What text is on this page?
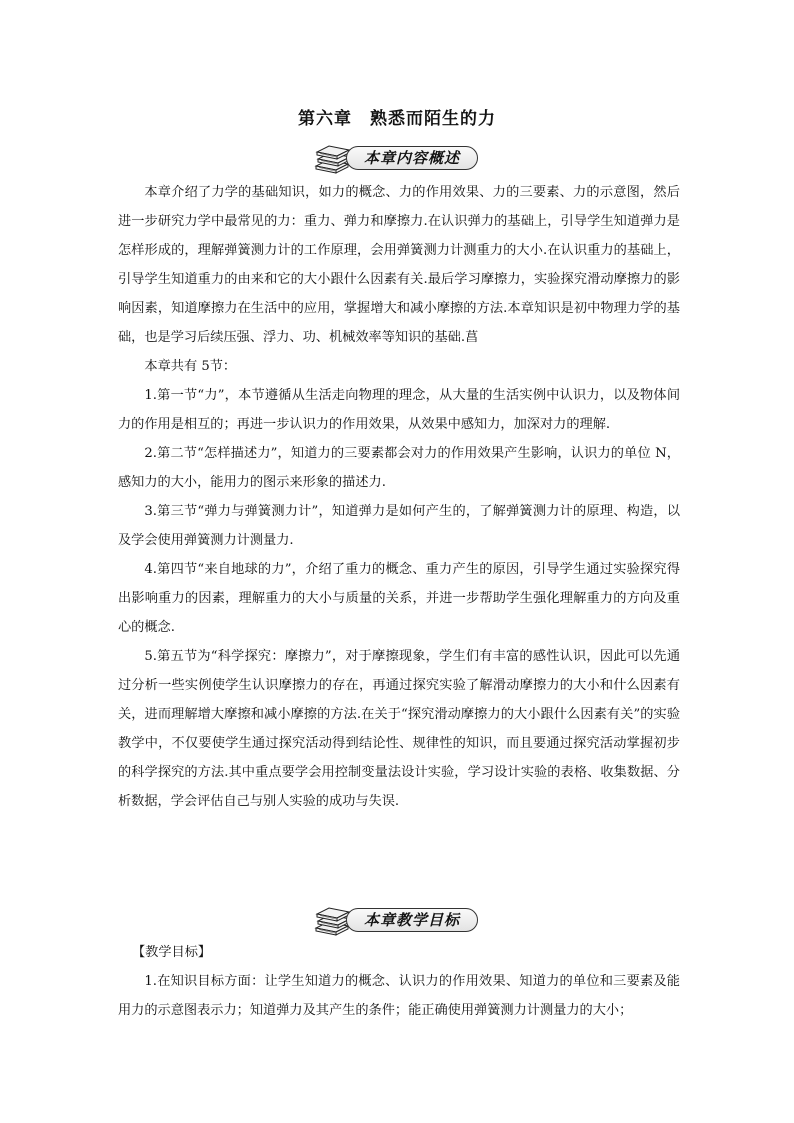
第六章　熟悉而陌生的力
本章内容概述

本章介绍了力学的基础知识，如力的概念、力的作用效果、力的三要素、力的示意图，然后进一步研究力学中最常见的力：重力、弹力和摩擦力.在认识弹力的基础上，引导学生知道弹力是怎样形成的，理解弹簧测力计的工作原理，会用弹簧测力计测重力的大小.在认识重力的基础上，引导学生知道重力的由来和它的大小跟什么因素有关.最后学习摩擦力，实验探究滑动摩擦力的影响因素，知道摩擦力在生活中的应用，掌握增大和减小摩擦的方法.本章知识是初中物理力学的基础，也是学习后续压强、浮力、功、机械效率等知识的基础.菖

本章共有 5节：

1.第一节“力”，本节遵循从生活走向物理的理念，从大量的生活实例中认识力，以及物体间力的作用是相互的；再进一步认识力的作用效果，从效果中感知力，加深对力的理解.

2.第二节“怎样描述力”，知道力的三要素都会对力的作用效果产生影响，认识力的单位 N，感知力的大小，能用力的图示来形象的描述力.

3.第三节“弹力与弹簧测力计”，知道弹力是如何产生的，了解弹簧测力计的原理、构造，以及学会使用弹簧测力计测量力.

4.第四节“来自地球的力”，介绍了重力的概念、重力产生的原因，引导学生通过实验探究得出影响重力的因素，理解重力的大小与质量的关系，并进一步帮助学生强化理解重力的方向及重心的概念.

5.第五节为“科学探究：摩擦力”，对于摩擦现象，学生们有丰富的感性认识，因此可以先通过分析一些实例使学生认识摩擦力的存在，再通过探究实验了解滑动摩擦力的大小和什么因素有关，进而理解增大摩擦和减小摩擦的方法.在关于“探究滑动摩擦力的大小跟什么因素有关”的实验教学中，不仅要使学生通过探究活动得到结论性、规律性的知识，而且要通过探究活动掌握初步的科学探究的方法.其中重点要学会用控制变量法设计实验，学习设计实验的表格、收集数据、分析数据，学会评估自己与别人实验的成功与失误.

本章教学目标

【教学目标】

1.在知识目标方面：让学生知道力的概念、认识力的作用效果、知道力的单位和三要素及能用力的示意图表示力；知道弹力及其产生的条件；能正确使用弹簧测力计测量力的大小；
